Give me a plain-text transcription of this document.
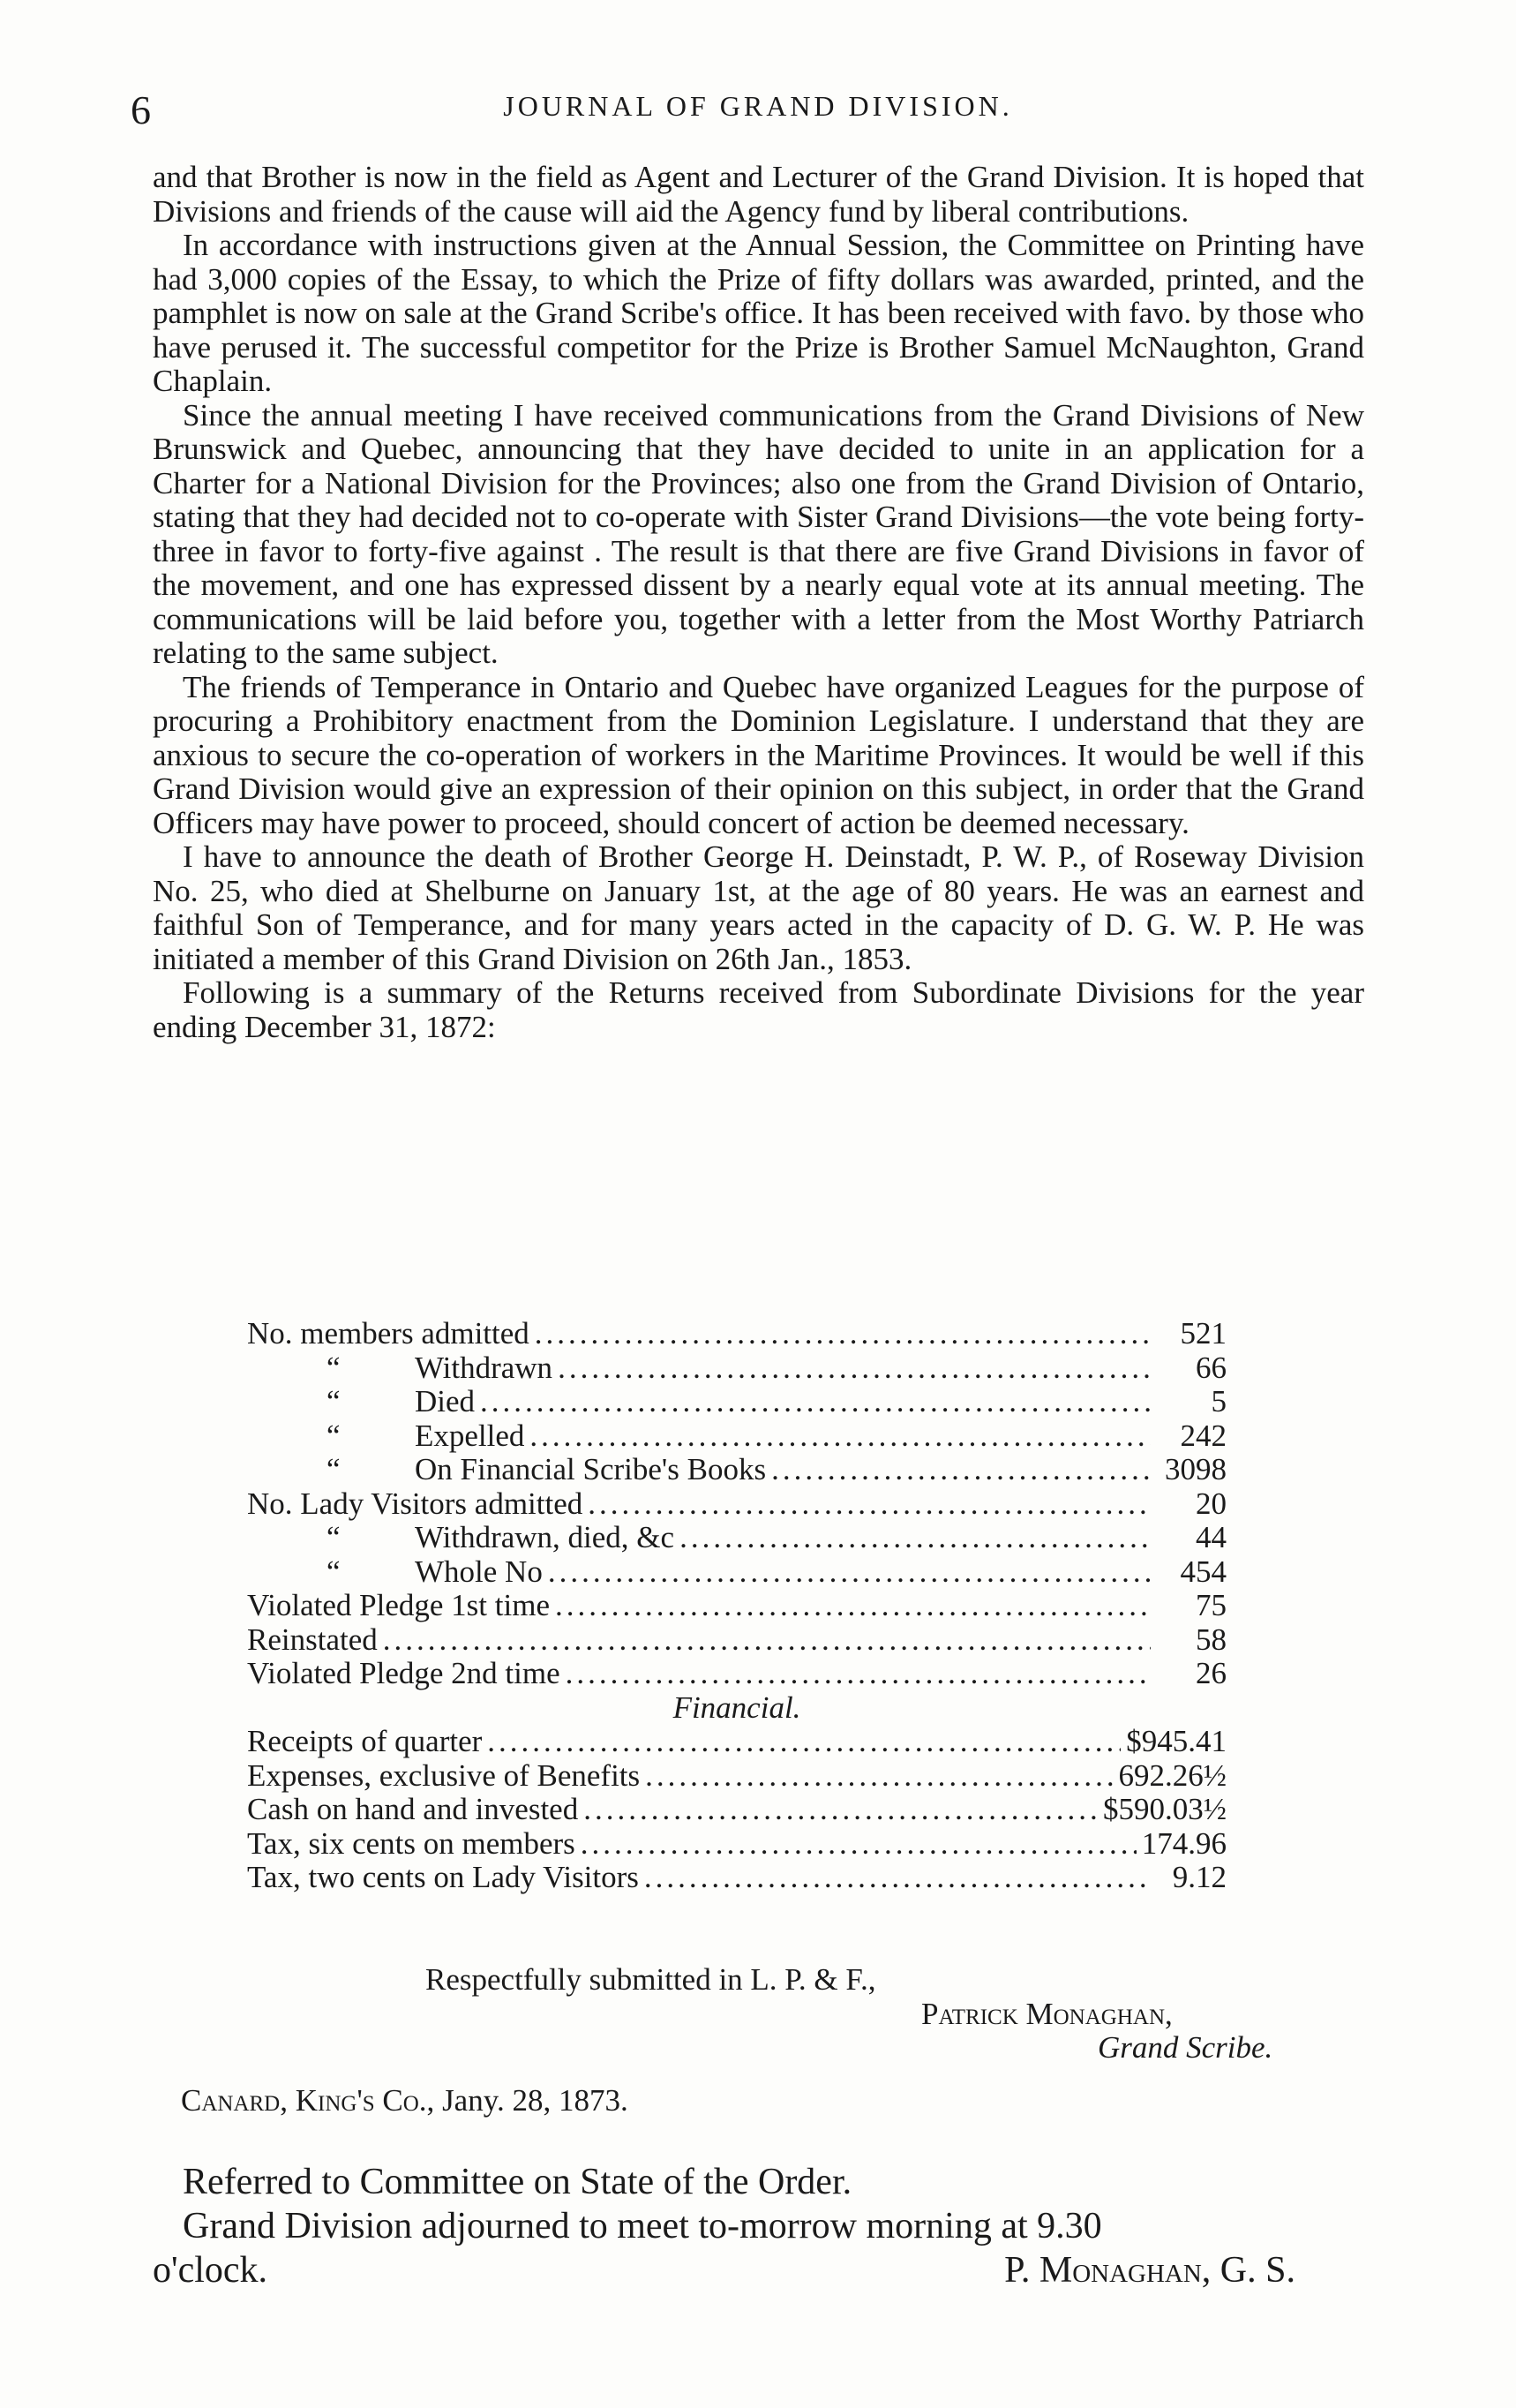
6	JOURNAL OF GRAND DIVISION.

and that Brother is now in the field as Agent and Lecturer of the Grand Division. It is hoped that Divisions and friends of the cause will aid the Agency fund by liberal contributions.

In accordance with instructions given at the Annual Session, the Committee on Printing have had 3,000 copies of the Essay, to which the Prize of fifty dollars was awarded, printed, and the pamphlet is now on sale at the Grand Scribe's office. It has been received with favo. by those who have perused it. The successful competitor for the Prize is Brother Samuel McNaughton, Grand Chaplain.

Since the annual meeting I have received communications from the Grand Divisions of New Brunswick and Quebec, announcing that they have decided to unite in an application for a Charter for a National Division for the Provinces; also one from the Grand Division of Ontario, stating that they had decided not to co-operate with Sister Grand Divisions—the vote being forty-three in favor to forty-five against . The result is that there are five Grand Divisions in favor of the movement, and one has expressed dissent by a nearly equal vote at its annual meeting. The communications will be laid before you, together with a letter from the Most Worthy Patriarch relating to the same subject.

The friends of Temperance in Ontario and Quebec have organized Leagues for the purpose of procuring a Prohibitory enactment from the Dominion Legislature. I understand that they are anxious to secure the co-operation of workers in the Maritime Provinces. It would be well if this Grand Division would give an expression of their opinion on this subject, in order that the Grand Officers may have power to proceed, should concert of action be deemed necessary.

I have to announce the death of Brother George H. Deinstadt, P. W. P., of Roseway Division No. 25, who died at Shelburne on January 1st, at the age of 80 years. He was an earnest and faithful Son of Temperance, and for many years acted in the capacity of D. G. W. P. He was initiated a member of this Grand Division on 26th Jan., 1853.

Following is a summary of the Returns received from Subordinate Divisions for the year ending December 31, 1872:

No. members admitted .....	521
“	Withdrawn .....	66
“	Died .....	5
“	Expelled .....	242
“	On Financial Scribe's Books .....	3098
No. Lady Visitors admitted .....	20
“	Withdrawn, died, &c .....	44
“	Whole No .....	454
Violated Pledge 1st time .....	75
Reinstated .....	58
Violated Pledge 2nd time .....	26
Financial.
Receipts of quarter .....	$945.41
Expenses, exclusive of Benefits .....	692.26½
Cash on hand and invested .....	$590.03½
Tax, six cents on members .....	174.96
Tax, two cents on Lady Visitors .....	9.12
Respectfully submitted in L. P. & F.,
Patrick Monaghan,
Grand Scribe.
Canard, King's Co., Jany. 28, 1873.
Referred to Committee on State of the Order.
Grand Division adjourned to meet to-morrow morning at 9.30
o'clock.	P. Monaghan, G. S.
